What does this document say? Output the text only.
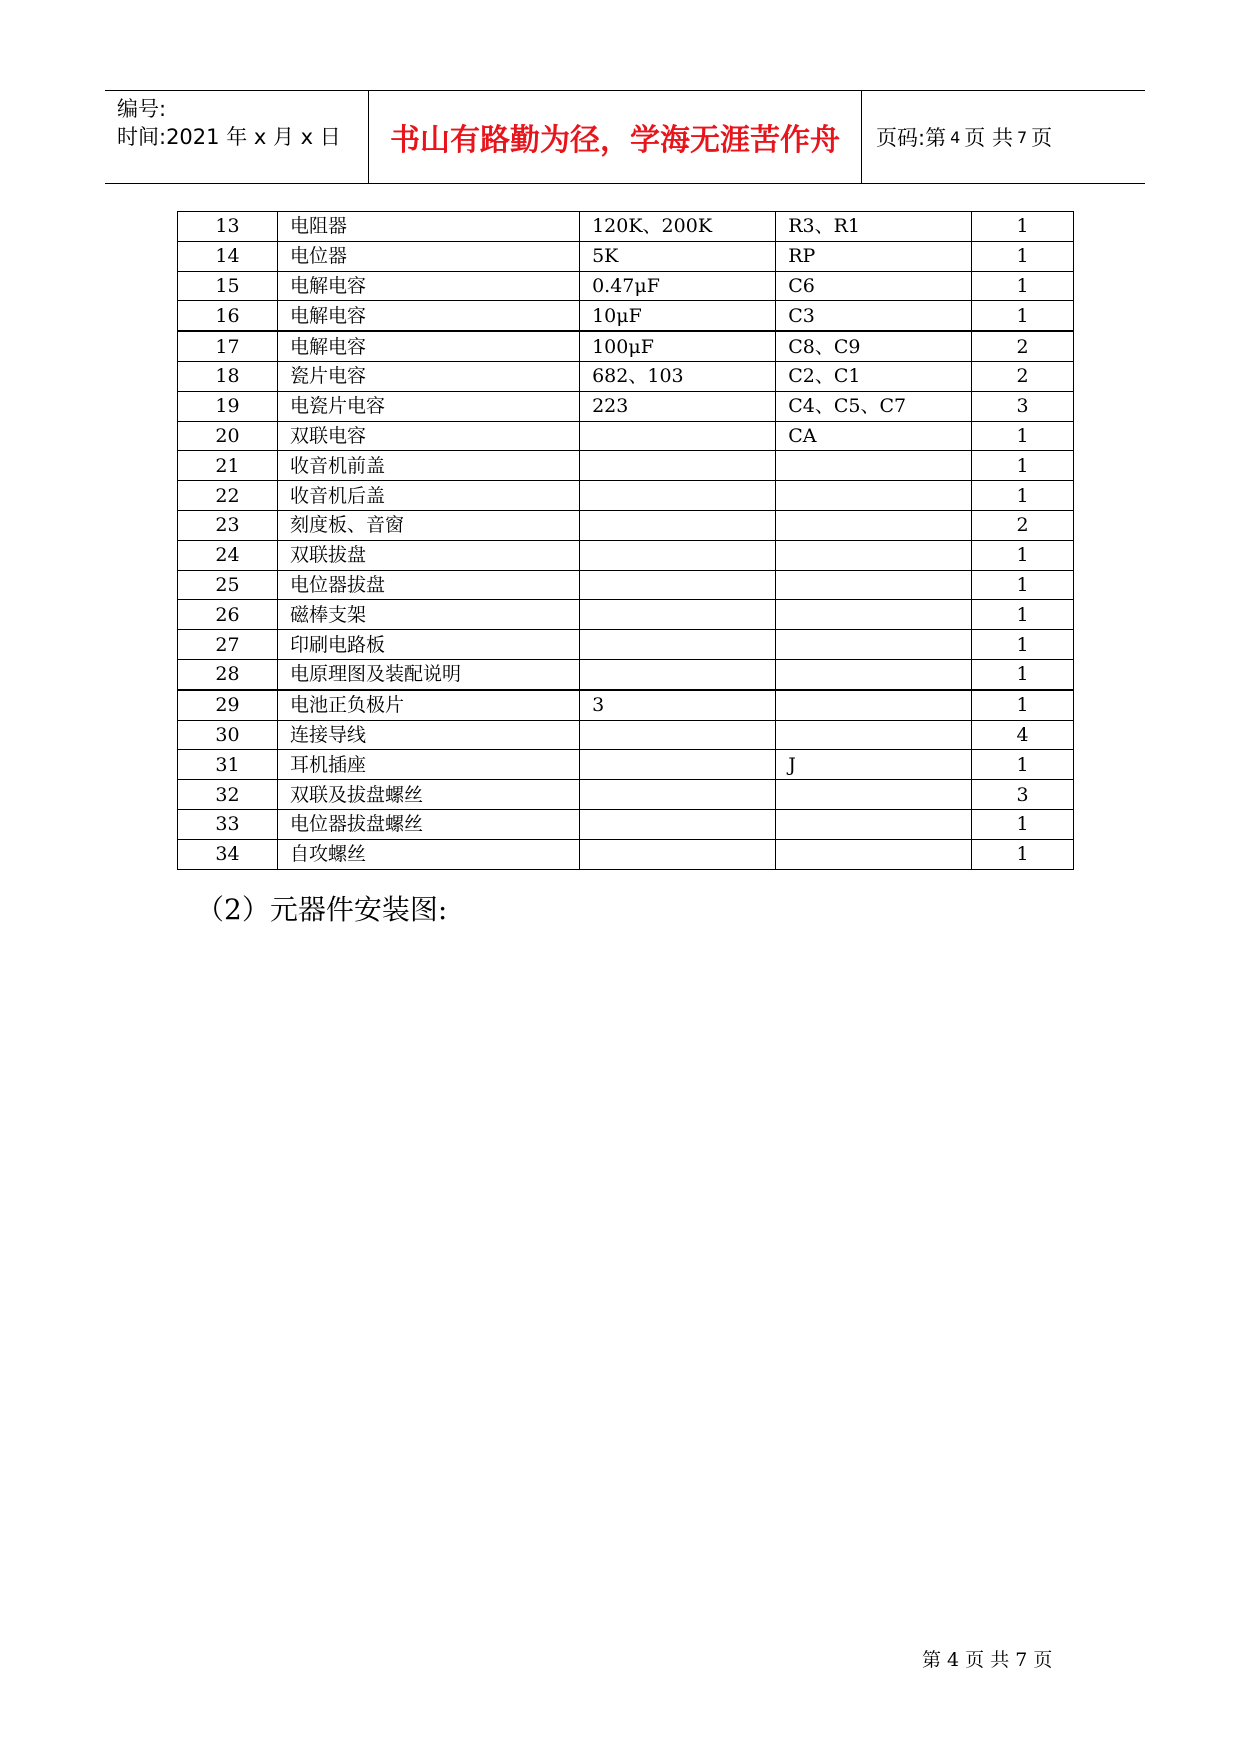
编号:
时间:2021 年 x 月 x 日	书山有路勤为径，学海无涯苦作舟	页码:第 4 页 共 7 页
13	电阻器	120K、200K	R3、R1	1
14	电位器	5K	RP	1
15	电解电容	0.47μF	C6	1
16	电解电容	10μF	C3	1
17	电解电容	100μF	C8、C9	2
18	瓷片电容	682、103	C2、C1	2
19	电瓷片电容	223	C4、C5、C7	3
20	双联电容		CA	1
21	收音机前盖			1
22	收音机后盖			1
23	刻度板、音窗			2
24	双联拔盘			1
25	电位器拔盘			1
26	磁棒支架			1
27	印刷电路板			1
28	电原理图及装配说明			1
29	电池正负极片	3		1
30	连接导线			4
31	耳机插座		J	1
32	双联及拔盘螺丝			3
33	电位器拔盘螺丝			1
34	自攻螺丝			1
（2）元器件安装图:
第 4 页 共 7 页
